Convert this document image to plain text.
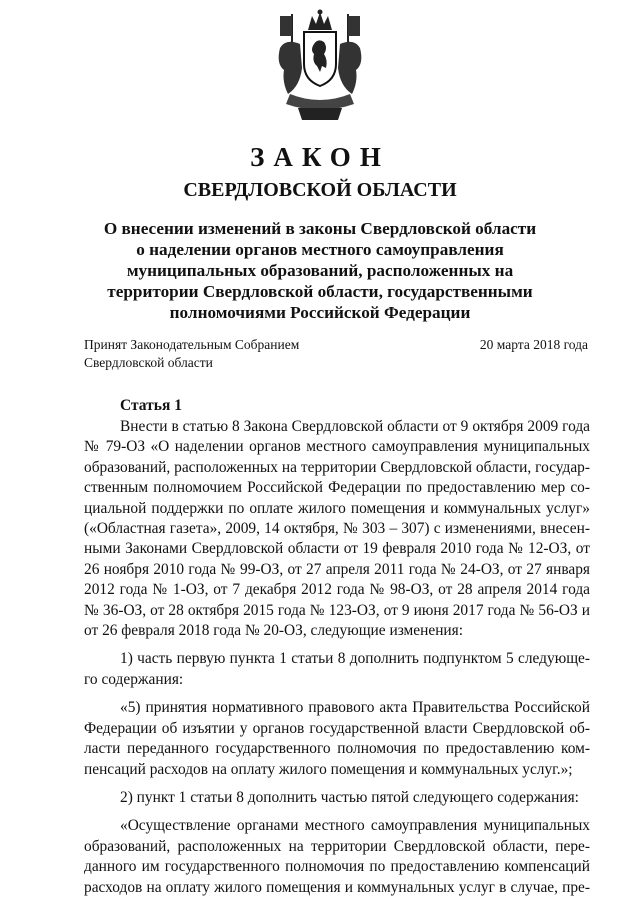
ЗАКОН
СВЕРДЛОВСКОЙ ОБЛАСТИ
О внесении изменений в законы Свердловской области
о наделении органов местного самоуправления
муниципальных образований, расположенных на
территории Свердловской области, государственными
полномочиями Российской Федерации
Принят Законодательным Собранием
Свердловской области
20 марта 2018 года
Статья 1
Внести в статью 8 Закона Свердловской области от 9 октября 2009 года
№ 79-ОЗ «О наделении органов местного самоуправления муниципальных
образований, расположенных на территории Свердловской области, государ-
ственным полномочием Российской Федерации по предоставлению мер со-
циальной поддержки по оплате жилого помещения и коммунальных услуг»
(«Областная газета», 2009, 14 октября, № 303 – 307) с изменениями, внесен-
ными Законами Свердловской области от 19 февраля 2010 года № 12-ОЗ, от
26 ноября 2010 года № 99-ОЗ, от 27 апреля 2011 года № 24-ОЗ, от 27 января
2012 года № 1-ОЗ, от 7 декабря 2012 года № 98-ОЗ, от 28 апреля 2014 года
№ 36-ОЗ, от 28 октября 2015 года № 123-ОЗ, от 9 июня 2017 года № 56-ОЗ и
от 26 февраля 2018 года № 20-ОЗ, следующие изменения:
1) часть первую пункта 1 статьи 8 дополнить подпунктом 5 следующе-
го содержания:
«5) принятия нормативного правового акта Правительства Российской
Федерации об изъятии у органов государственной власти Свердловской об-
ласти переданного государственного полномочия по предоставлению ком-
пенсаций расходов на оплату жилого помещения и коммунальных услуг.»;
2) пункт 1 статьи 8 дополнить частью пятой следующего содержания:
«Осуществление органами местного самоуправления муниципальных
образований, расположенных на территории Свердловской области, пере-
данного им государственного полномочия по предоставлению компенсаций
расходов на оплату жилого помещения и коммунальных услуг в случае, пре-
